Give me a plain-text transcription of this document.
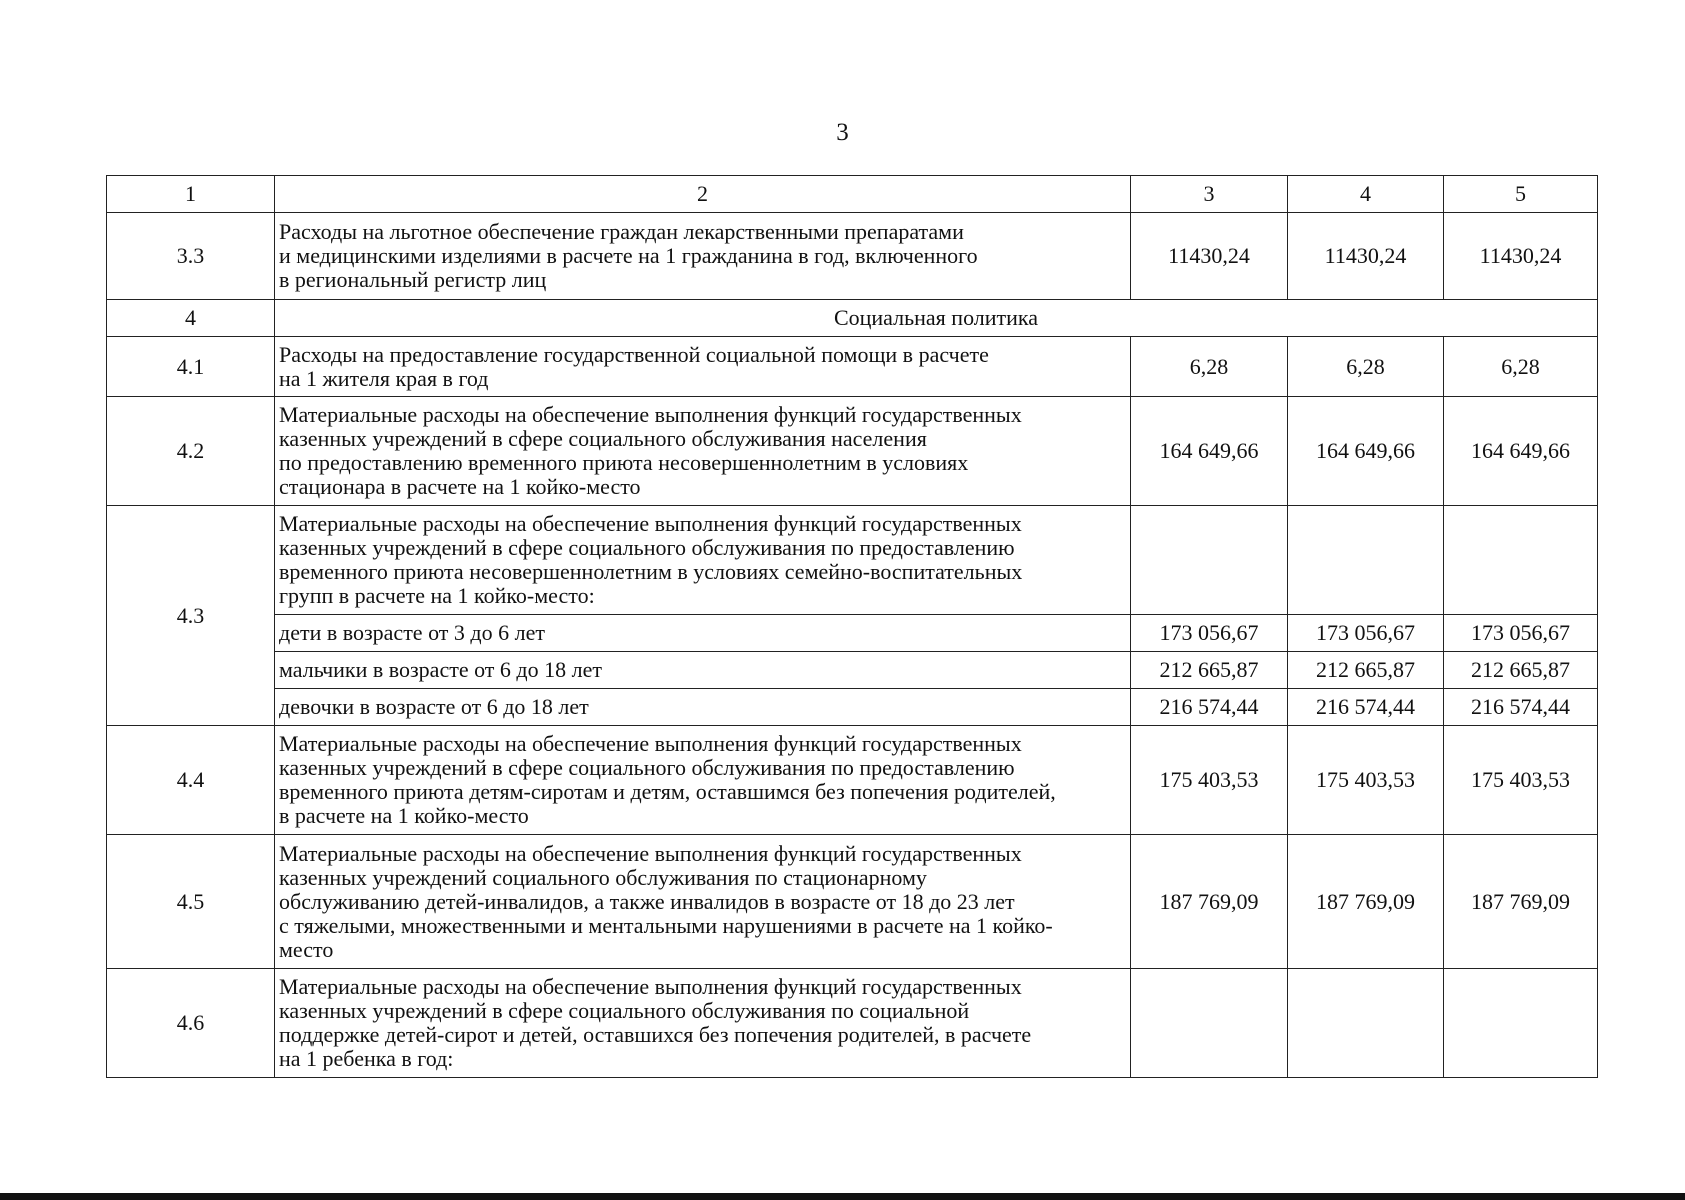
3
1	2	3	4	5
3.3	Расходы на льготное обеспечение граждан лекарственными препаратами
и медицинскими изделиями в расчете на 1 гражданина в год, включенного
в региональный регистр лиц	11430,24	11430,24	11430,24
4	Социальная политика			
4.1	Расходы на предоставление государственной социальной помощи в расчете
на 1 жителя края в год	6,28	6,28	6,28
4.2	Материальные расходы на обеспечение выполнения функций государственных
казенных учреждений в сфере социального обслуживания населения
по предоставлению временного приюта несовершеннолетним в условиях
стационара в расчете на 1 койко-место	164 649,66	164 649,66	164 649,66
4.3	Материальные расходы на обеспечение выполнения функций государственных
казенных учреждений в сфере социального обслуживания по предоставлению
временного приюта несовершеннолетним в условиях семейно-воспитательных
групп в расчете на 1 койко-место:			

	дети в возрасте от 3 до 6 лет	173 056,67	173 056,67	173 056,67
	мальчики в возрасте от 6 до 18 лет	212 665,87	212 665,87	212 665,87
	девочки в возрасте от 6 до 18 лет	216 574,44	216 574,44	216 574,44
4.4	Материальные расходы на обеспечение выполнения функций государственных
казенных учреждений в сфере социального обслуживания по предоставлению
временного приюта детям-сиротам и детям, оставшимся без попечения родителей,
в расчете на 1 койко-место	175 403,53	175 403,53	175 403,53
4.5	Материальные расходы на обеспечение выполнения функций государственных
казенных учреждений социального обслуживания по стационарному
обслуживанию детей-инвалидов, а также инвалидов в возрасте от 18 до 23 лет
с тяжелыми, множественными и ментальными нарушениями в расчете на 1 койко-
место	187 769,09	187 769,09	187 769,09
4.6	Материальные расходы на обеспечение выполнения функций государственных
казенных учреждений в сфере социального обслуживания по социальной
поддержке детей-сирот и детей, оставшихся без попечения родителей, в расчете
на 1 ребенка в год:			
